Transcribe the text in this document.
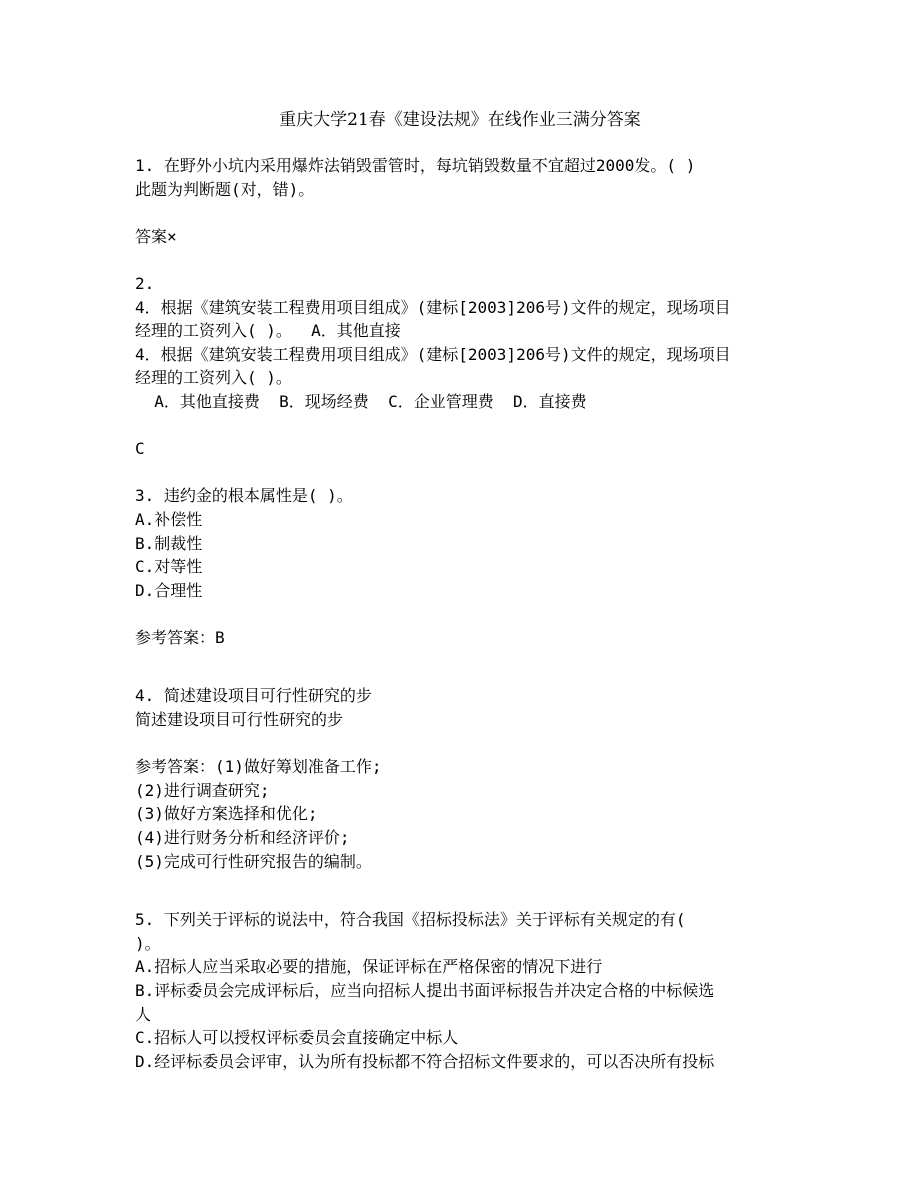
重庆大学21春《建设法规》在线作业三满分答案
1. 在野外小坑内采用爆炸法销毁雷管时，每坑销毁数量不宜超过2000发。( )
此题为判断题(对，错)。
答案×
2.
4．根据《建筑安装工程费用项目组成》(建标[2003]206号)文件的规定，现场项目
经理的工资列入( )。  A．其他直接
4．根据《建筑安装工程费用项目组成》(建标[2003]206号)文件的规定，现场项目
经理的工资列入( )。
A．其他直接费  B．现场经费  C．企业管理费  D．直接费
C
3. 违约金的根本属性是( )。
A.补偿性
B.制裁性
C.对等性
D.合理性
参考答案：B
4. 简述建设项目可行性研究的步
简述建设项目可行性研究的步
参考答案：(1)做好筹划准备工作;
(2)进行调查研究;
(3)做好方案选择和优化;
(4)进行财务分析和经济评价;
(5)完成可行性研究报告的编制。
5. 下列关于评标的说法中，符合我国《招标投标法》关于评标有关规定的有(
)。
A.招标人应当采取必要的措施，保证评标在严格保密的情况下进行
B.评标委员会完成评标后，应当向招标人提出书面评标报告并决定合格的中标候选
人
C.招标人可以授权评标委员会直接确定中标人
D.经评标委员会评审，认为所有投标都不符合招标文件要求的，可以否决所有投标
